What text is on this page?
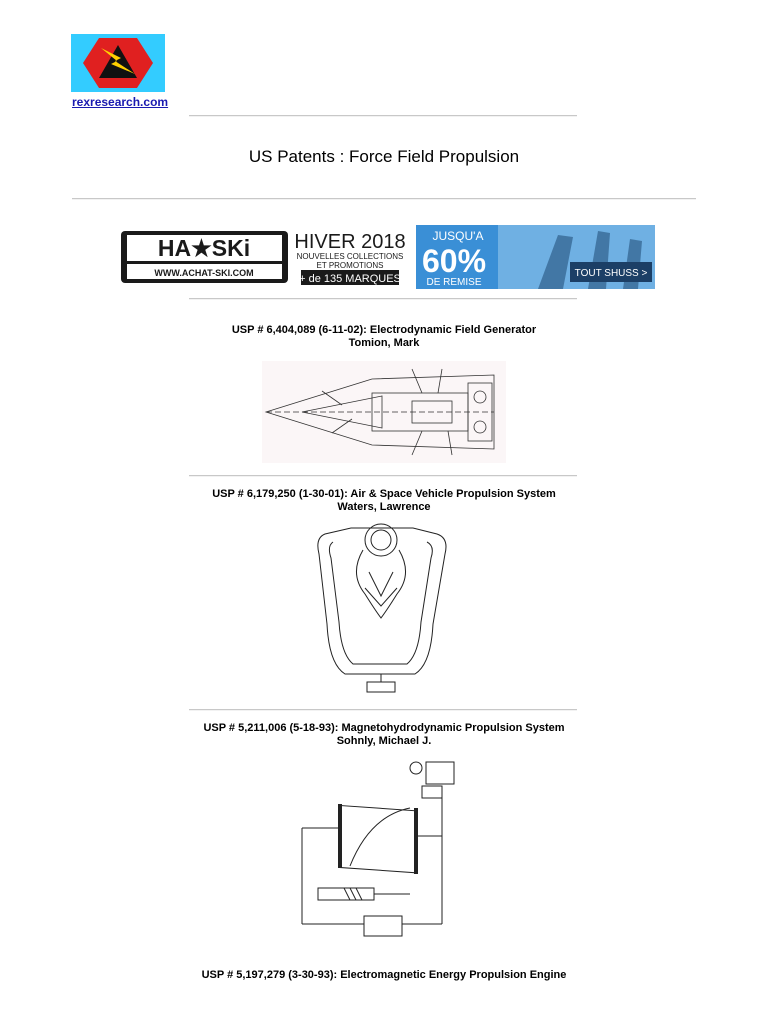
rexresearch.com
US Patents : Force Field Propulsion
HA★SKi
WWW.ACHAT-SKI.COM
HIVER 2018
NOUVELLES COLLECTIONS
ET PROMOTIONS
+ de 135 MARQUES
JUSQU'A
60%
DE REMISE
TOUT SHUSS >
USP # 6,404,089 (6-11-02): Electrodynamic Field Generator
Tomion, Mark
USP # 6,179,250 (1-30-01): Air & Space Vehicle Propulsion System
Waters, Lawrence
USP # 5,211,006 (5-18-93): Magnetohydrodynamic Propulsion System
Sohnly, Michael J.
USP # 5,197,279 (3-30-93): Electromagnetic Energy Propulsion Engine
